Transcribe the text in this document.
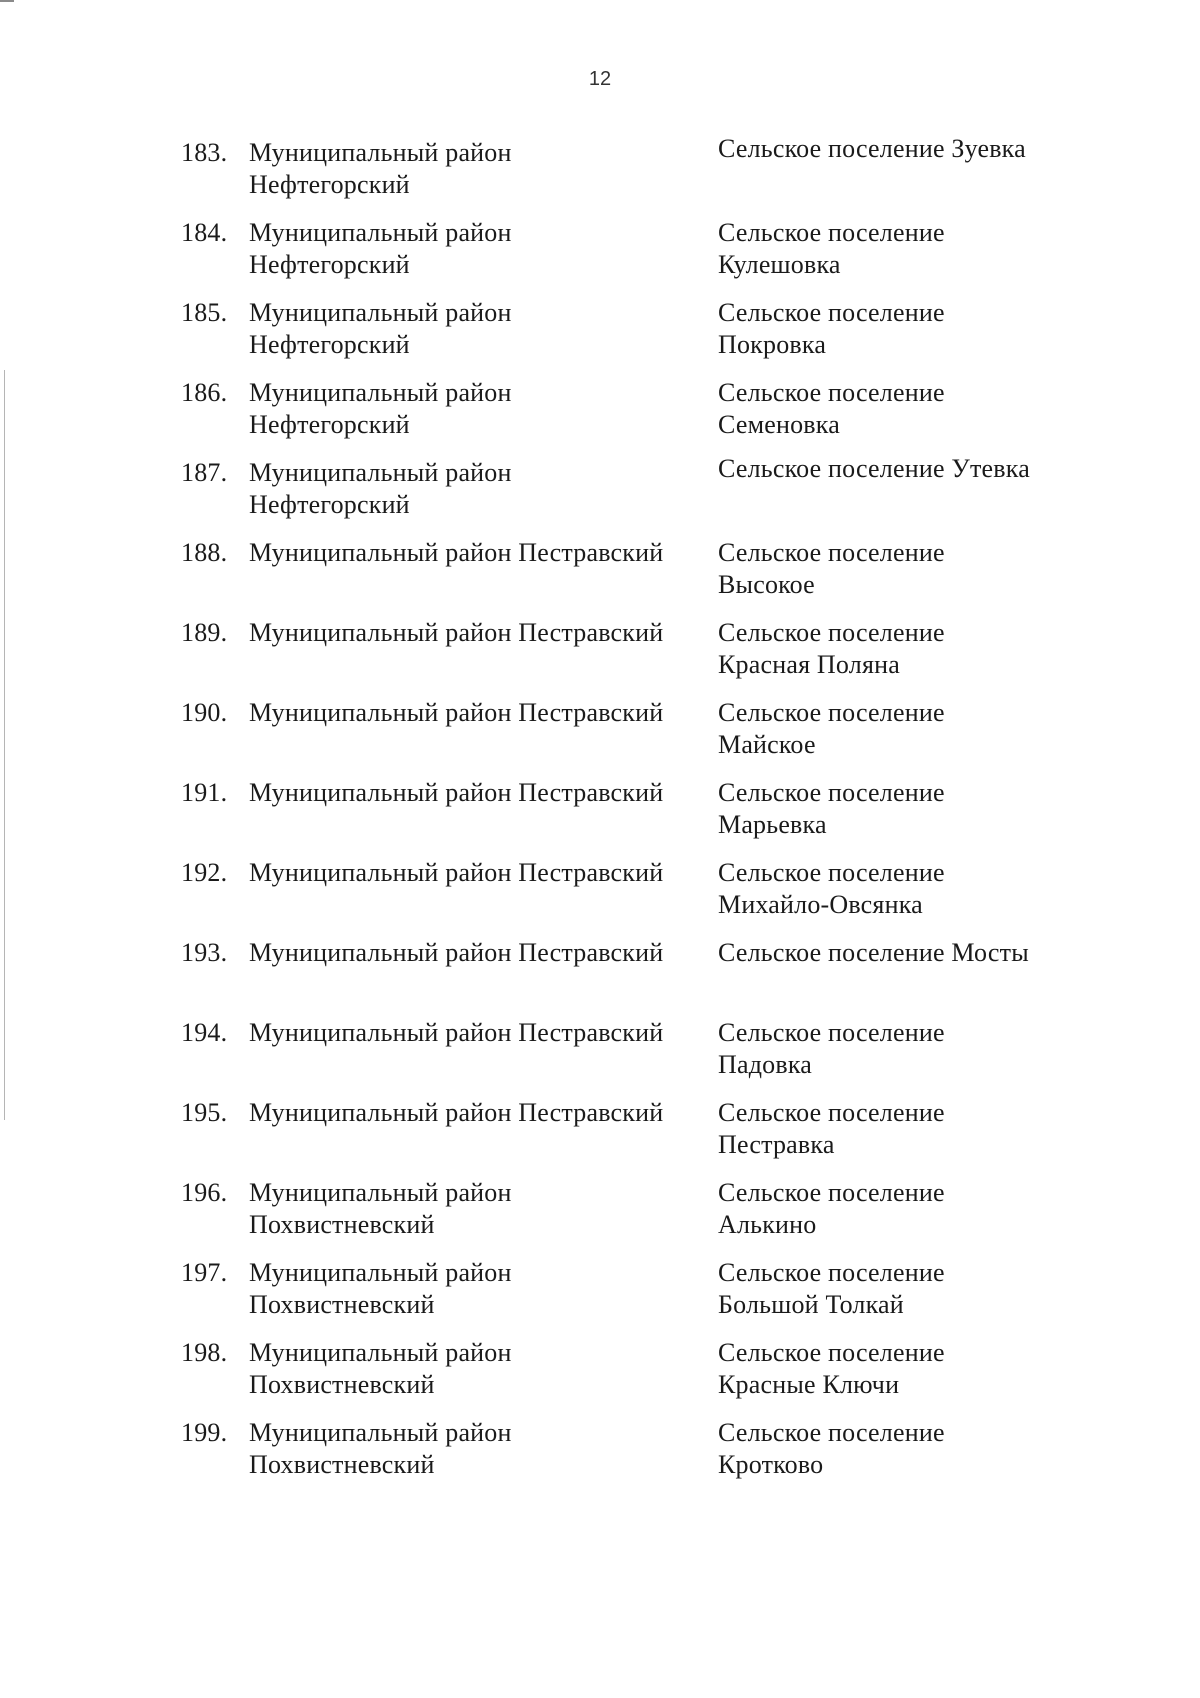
12
183. Муниципальный район
Нефтегорский
Сельское поселение Зуевка
184. Муниципальный район
Нефтегорский
Сельское поселение
Кулешовка
185. Муниципальный район
Нефтегорский
Сельское поселение
Покровка
186. Муниципальный район
Нефтегорский
Сельское поселение
Семеновка
187. Муниципальный район
Нефтегорский
Сельское поселение Утевка
188. Муниципальный район Пестравский	Сельское поселение
Высокое
189. Муниципальный район Пестравский	Сельское поселение
Красная Поляна
190. Муниципальный район Пестравский	Сельское поселение
Майское
191. Муниципальный район Пестравский	Сельское поселение
Марьевка
192. Муниципальный район Пестравский	Сельское поселение
Михайло-Овсянка
193. Муниципальный район Пестравский	Сельское поселение Мосты
194. Муниципальный район Пестравский	Сельское поселение
Падовка
195. Муниципальный район Пестравский	Сельское поселение
Пестравка
196. Муниципальный район
Похвистневский
Сельское поселение
Алькино
197. Муниципальный район
Похвистневский
Сельское поселение
Большой Толкай
198. Муниципальный район
Похвистневский
Сельское поселение
Красные Ключи
199. Муниципальный район
Похвистневский
Сельское поселение
Кротково
